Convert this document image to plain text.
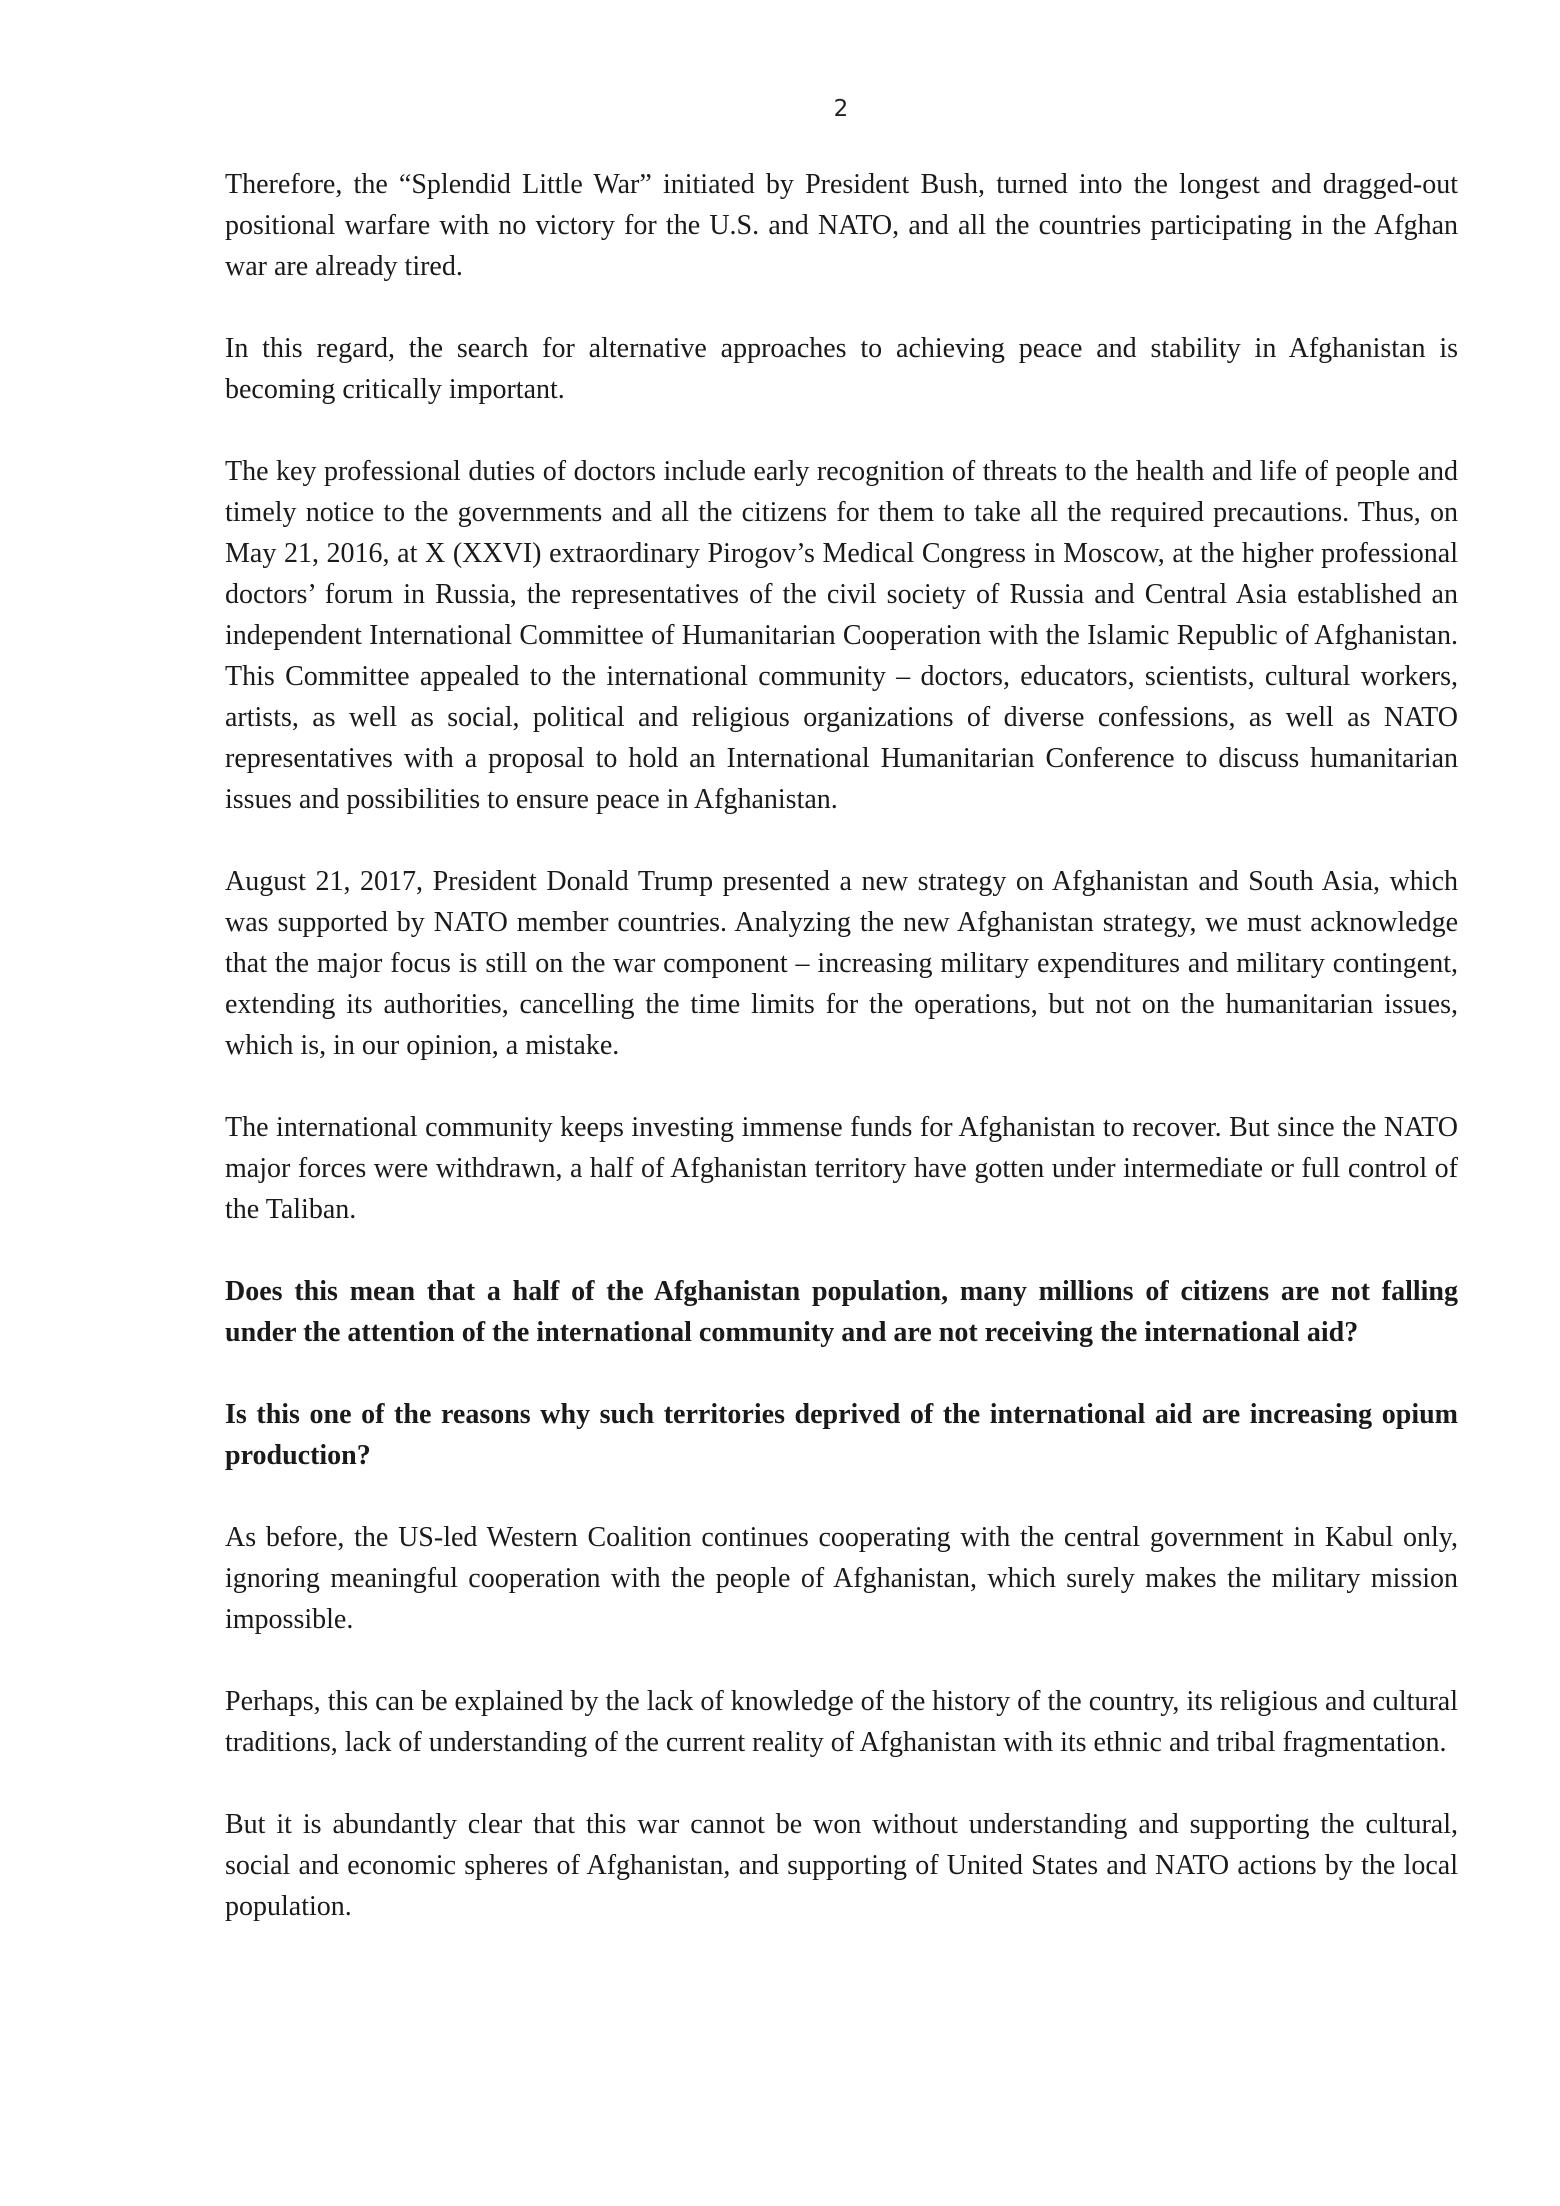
2

Therefore, the “Splendid Little War” initiated by President Bush, turned into the longest and dragged-out positional warfare with no victory for the U.S. and NATO, and all the countries participating in the Afghan war are already tired.

In this regard, the search for alternative approaches to achieving peace and stability in Afghanistan is becoming critically important.

The key professional duties of doctors include early recognition of threats to the health and life of people and timely notice to the governments and all the citizens for them to take all the required precautions. Thus, on May 21, 2016, at X (XXVI) extraordinary Pirogov’s Medical Congress in Moscow, at the higher professional doctors’ forum in Russia, the representatives of the civil society of Russia and Central Asia established an independent International Committee of Humanitarian Cooperation with the Islamic Republic of Afghanistan. This Committee appealed to the international community – doctors, educators, scientists, cultural workers, artists, as well as social, political and religious organizations of diverse confessions, as well as NATO representatives with a proposal to hold an International Humanitarian Conference to discuss humanitarian issues and possibilities to ensure peace in Afghanistan.

August 21, 2017, President Donald Trump presented a new strategy on Afghanistan and South Asia, which was supported by NATO member countries. Analyzing the new Afghanistan strategy, we must acknowledge that the major focus is still on the war component – increasing military expenditures and military contingent, extending its authorities, cancelling the time limits for the operations, but not on the humanitarian issues, which is, in our opinion, a mistake.

The international community keeps investing immense funds for Afghanistan to recover. But since the NATO major forces were withdrawn, a half of Afghanistan territory have gotten under intermediate or full control of the Taliban.

Does this mean that a half of the Afghanistan population, many millions of citizens are not falling under the attention of the international community and are not receiving the international aid?

Is this one of the reasons why such territories deprived of the international aid are increasing opium production?

As before, the US-led Western Coalition continues cooperating with the central government in Kabul only, ignoring meaningful cooperation with the people of Afghanistan, which surely makes the military mission impossible.

Perhaps, this can be explained by the lack of knowledge of the history of the country, its religious and cultural traditions, lack of understanding of the current reality of Afghanistan with its ethnic and tribal fragmentation.

But it is abundantly clear that this war cannot be won without understanding and supporting the cultural, social and economic spheres of Afghanistan, and supporting of United States and NATO actions by the local population.
